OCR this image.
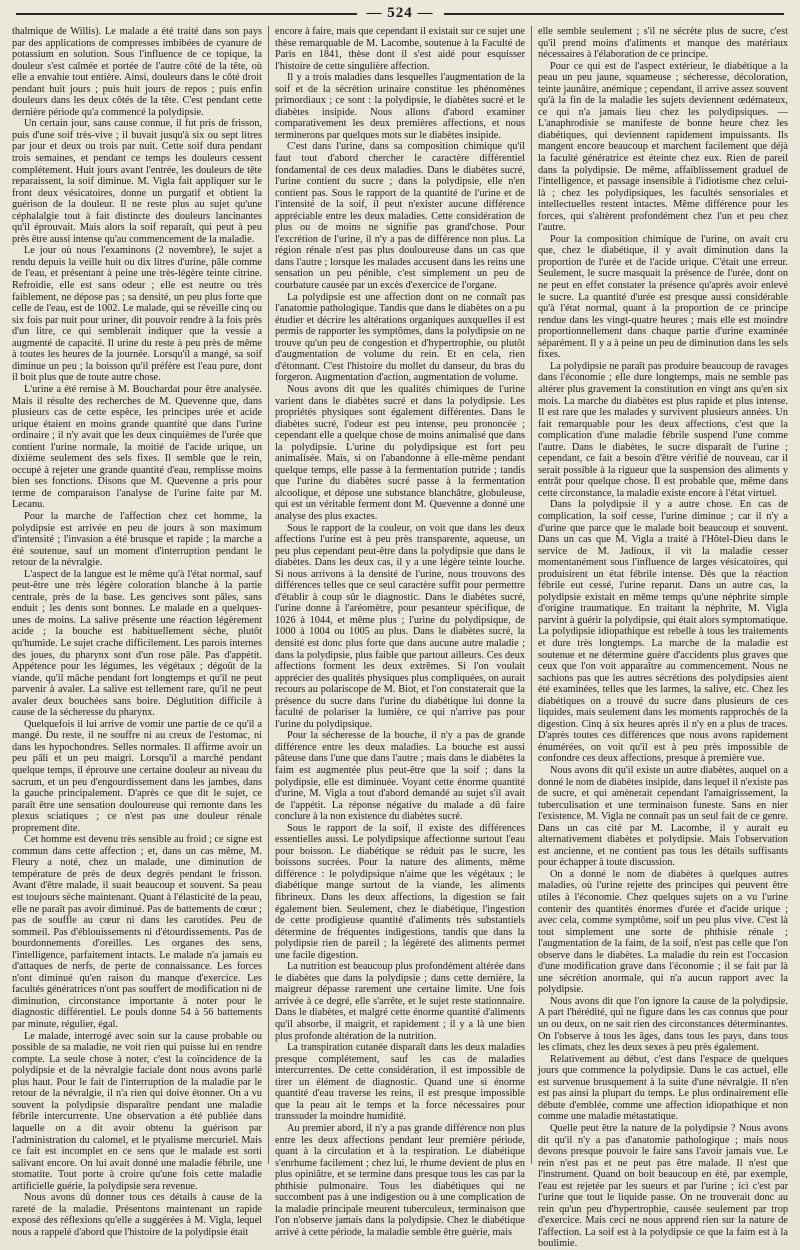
— 524 —

thalmique de Willis). Le malade a été traité dans son pays par des applications de compresses imbibées de cyanure de potassium en solution. Sous l'influence de ce topique, la douleur s'est calmée et portée de l'autre côté de la tête, où elle a envahie tout entière. Ainsi, douleurs dans le côté droit pendant huit jours ; puis huit jours de repos ; puis enfin douleurs dans les deux côtés de la tête. C'est pendant cette dernière période qu'a commencé la polydipsie.

Un certain jour, sans cause connue, il fut pris de frisson, puis d'une soif très-vive ; il buvait jusqu'à six ou sept litres par jour et deux ou trois par nuit. Cette soif dura pendant trois semaines, et pendant ce temps les douleurs cessent complétement. Huit jours avant l'entrée, les douleurs de tête reparaissent, la soif diminue. M. Vigla fait appliquer sur le front deux vésicatoires, donne un purgatif et obtient la guérison de la douleur. Il ne reste plus au sujet qu'une céphalalgie tout à fait distincte des douleurs lancinantes qu'il éprouvait. Mais alors la soif reparaît, qui peut à peu près être aussi intense qu'au commencement de la maladie.

Le jour où nous l'examinons (2 novembre), le sujet a rendu depuis la veille huit ou dix litres d'urine, pâle comme de l'eau, et présentant à peine une très-légère teinte citrine. Refroidie, elle est sans odeur ; elle est neutre ou très faiblement, ne dépose pas ; sa densité, un peu plus forte que celle de l'eau, est de 1002. Le malade, qui se réveille cinq ou six fois par nuit pour uriner, dit pouvoir rendre à la fois près d'un litre, ce qui semblerait indiquer que la vessie a augmenté de capacité. Il urine du reste à peu près de même à toutes les heures de la journée. Lorsqu'il a mangé, sa soif diminue un peu ; la boisson qu'il préfère est l'eau pure, dont il boit plus que de toute autre chose.

L'urine a été remise à M. Bouchardat pour être analysée. Mais il résulte des recherches de M. Quevenne que, dans plusieurs cas de cette espèce, les principes urée et acide urique étaient en moins grande quantité que dans l'urine ordinaire ; il n'y avait que les deux cinquièmes de l'urée que contient l'urine normale, la moitié de l'acide urique, un dixième seulement des sels fixes. Il semble que le rein, occupé à rejeter une grande quantité d'eau, remplisse moins bien ses fonctions. Disons que M. Quevenne a pris pour terme de comparaison l'analyse de l'urine faite par M. Lecanu.

Pour la marche de l'affection chez cet homme, la polydipsie est arrivée en peu de jours à son maximum d'intensité ; l'invasion a été brusque et rapide ; la marche a été soutenue, sauf un moment d'interruption pendant le retour de la névralgie.

L'aspect de la langue est le même qu'à l'état normal, sauf peut-être une très légère coloration blanche à la partie centrale, près de la base. Les gencives sont pâles, sans enduit ; les dents sont bonnes. Le malade en a quelques-unes de moins. La salive présente une réaction légèrement acide ; la bouche est habituellement sèche, plutôt qu'humide. Le sujet crache difficilement. Les parois internes des joues, du pharynx sont d'un rose pâle. Pas d'appétit. Appétence pour les légumes, les végétaux ; dégoût de la viande, qu'il mâche pendant fort longtemps et qu'il ne peut parvenir à avaler. La salive est tellement rare, qu'il ne peut avaler deux bouchées sans boire. Déglutition difficile à cause de la sécheresse du pharynx.

Quelquefois il lui arrive de vomir une partie de ce qu'il a mangé. Du reste, il ne souffre ni au creux de l'estomac, ni dans les hypochondres. Selles normales. Il affirme avoir un peu pâli et un peu maigri. Lorsqu'il a marché pendant quelque temps, il éprouve une certaine douleur au niveau du sacrum, et un peu d'engourdissement dans les jambes, dans la gauche principalement. D'après ce que dit le sujet, ce paraît être une sensation douloureuse qui remonte dans les plexus sciatiques ; ce n'est pas une douleur rénale proprement dite.

Cet homme est devenu très sensible au froid ; ce signe est commun dans cette affection ; et, dans un cas même, M. Fleury a noté, chez un malade, une diminution de température de près de deux degrés pendant le frisson. Avant d'être malade, il suait beaucoup et souvent. Sa peau est toujours sèche maintenant. Quant à l'élasticité de la peau, elle ne paraît pas avoir diminué. Pas de battements de cœur ; pas de souffle au cœur ni dans les carotides. Peu de sommeil. Pas d'éblouissements ni d'étourdissements. Pas de bourdonnements d'oreilles. Les organes des sens, l'intelligence, parfaitement intacts. Le malade n'a jamais eu d'attaques de nerfs, de perte de connaissance. Les forces n'ont diminué qu'en raison du manque d'exercice. Les facultés génératrices n'ont pas souffert de modification ni de diminution, circonstance importante à noter pour le diagnostic différentiel. Le pouls donne 54 à 56 battements par minute, régulier, égal.

Le malade, interrogé avec soin sur la cause probable ou possible de sa maladie, ne voit rien qui puisse lui en rendre compte. La seule chose à noter, c'est la coïncidence de la polydipsie et de la névralgie faciale dont nous avons parlé plus haut. Pour le fait de l'interruption de la maladie par le retour de la névralgie, il n'a rien qui doive étonner. On a vu souvent la polydipsie disparaître pendant une maladie fébrile intercurrente. Une observation a été publiée dans laquelle on a dit avoir obtenu la guérison par l'administration du calomel, et le ptyalisme mercuriel. Mais ce fait est incomplet en ce sens que le malade est sorti salivant encore. On lui avait donné une maladie fébrile, une stomatite. Tout porte à croire qu'une fois cette maladie artificielle guérie, la polydipsie sera revenue.

Nous avons dû donner tous ces détails à cause de la rareté de la maladie. Présentons maintenant un rapide exposé des réflexions qu'elle a suggérées à M. Vigla, lequel nous a rappelé d'abord que l'histoire de la polydipsie était

encore à faire, mais que cependant il existait sur ce sujet une thèse remarquable de M. Lacombe, soutenue à la Faculté de Paris en 1841, thèse dont il s'est aidé pour esquisser l'histoire de cette singulière affection.

Il y a trois maladies dans lesquelles l'augmentation de la soif et de la sécrétion urinaire constitue les phénomènes primordiaux ; ce sont : la polydipsie, le diabètes sucré et le diabètes insipide. Nous allons d'abord examiner comparativement les deux premières affections, et nous terminerons par quelques mots sur le diabètes insipide.

C'est dans l'urine, dans sa composition chimique qu'il faut tout d'abord chercher le caractère différentiel fondamental de ces deux maladies. Dans le diabètes sucré, l'urine contient du sucre ; dans la polydipsie, elle n'en contient pas. Sous le rapport de la quantité de l'urine et de l'intensité de la soif, il peut n'exister aucune différence appréciable entre les deux maladies. Cette considération de plus ou de moins ne signifie pas grand'chose. Pour l'excrétion de l'urine, il n'y a pas de différence non plus. La région rénale n'est pas plus douloureuse dans un cas que dans l'autre ; lorsque les malades accusent dans les reins une sensation un peu pénible, c'est simplement un peu de courbature causée par un excès d'exercice de l'organe.

La polydipsie est une affection dont on ne connaît pas l'anatomie pathologique. Tandis que dans le diabètes on a pu étudier et décrire les altérations organiques auxquelles il est permis de rapporter les symptômes, dans la polydipsie on ne trouve qu'un peu de congestion et d'hypertrophie, ou plutôt d'augmentation de volume du rein. Et en cela, rien d'étonnant. C'est l'histoire du mollet du danseur, du bras du forgeron. Augmentation d'action, augmentation de volume.

Nous avons dit que les qualités chimiques de l'urine varient dans le diabètes sucré et dans la polydipsie. Les propriétés physiques sont également différentes. Dans le diabètes sucré, l'odeur est peu intense, peu prononcée ; cependant elle a quelque chose de moins animalisé que dans la polydipsie. L'urine du polydipsique est fort peu animalisée. Mais, si on l'abandonne à elle-même pendant quelque temps, elle passe à la fermentation putride ; tandis que l'urine du diabètes sucré passe à la fermentation alcoolique, et dépose une substance blanchâtre, globuleuse, qui est un véritable ferment dont M. Quevenne a donné une analyse des plus exactes.

Sous le rapport de la couleur, on voit que dans les deux affections l'urine est à peu près transparente, aqueuse, un peu plus cependant peut-être dans la polydipsie que dans le diabètes. Dans les deux cas, il y a une légère teinte louche. Si nous arrivons à la densité de l'urine, nous trouvons des différences telles que ce seul caractère suffit pour permettre d'établir à coup sûr le diagnostic. Dans le diabètes sucré, l'urine donne à l'aréomètre, pour pesanteur spécifique, de 1026 à 1044, et même plus ; l'urine du polydipsique, de 1000 à 1004 ou 1005 au plus. Dans le diabètes sucré, la densité est donc plus forte que dans aucune autre maladie ; dans la polydipsie, plus faible que partout ailleurs. Ces deux affections forment les deux extrêmes. Si l'on voulait apprécier des qualités physiques plus compliquées, on aurait recours au polariscope de M. Biot, et l'on constaterait que la présence du sucre dans l'urine du diabétique lui donne la faculté de polariser la lumière, ce qui n'arrive pas pour l'urine du polydipsique.

Pour la sécheresse de la bouche, il n'y a pas de grande différence entre les deux maladies. La bouche est aussi pâteuse dans l'une que dans l'autre ; mais dans le diabètes la faim est augmentée plus peut-être que la soif ; dans la polydipsie, elle est diminuée. Voyant cette énorme quantité d'urine, M. Vigla a tout d'abord demandé au sujet s'il avait de l'appétit. La réponse négative du malade a dû faire conclure à la non existence du diabètes sucré.

Sous le rapport de la soif, il existe des différences essentielles aussi. Le polydipsique affectionne surtout l'eau pour boisson. Le diabétique se réduit pas le sucre, les boissons sucrées. Pour la nature des aliments, même différence : le polydipsique n'aime que les végétaux ; le diabétique mange surtout de la viande, les aliments fibrineux. Dans les deux affections, la digestion se fait également bien. Seulement, chez le diabétique, l'ingestion de cette prodigieuse quantité d'aliments très substantiels détermine de fréquentes indigestions, tandis que dans la polydipsie rien de pareil ; la légèreté des aliments permet une facile digestion.

La nutrition est beaucoup plus profondément altérée dans le diabètes que dans la polydipsie ; dans cette dernière, la maigreur dépasse rarement une certaine limite. Une fois arrivée à ce degré, elle s'arrête, et le sujet reste stationnaire. Dans le diabètes, et malgré cette énorme quantité d'aliments qu'il absorbe, il maigrit, et rapidement ; il y a là une bien plus profonde altération de la nutrition.

La transpiration cutanée disparaît dans les deux maladies presque complétement, sauf les cas de maladies intercurrentes. De cette considération, il est impossible de tirer un élément de diagnostic. Quand une si énorme quantité d'eau traverse les reins, il est presque impossible que la peau ait le temps et la force nécessaires pour transsuder la moindre humidité.

Au premier abord, il n'y a pas grande différence non plus entre les deux affections pendant leur première période, quant à la circulation et à la respiration. Le diabétique s'enrhume facilement ; chez lui, le rhume devient de plus en plus opiniâtre, et se termine dans presque tous les cas par la phthisie pulmonaire. Tous les diabétiques qui ne succombent pas à une indigestion ou à une complication de la maladie principale meurent tuberculeux, terminaison que l'on n'observe jamais dans la polydipsie. Chez le diabétique arrivé à cette période, la maladie semble être guérie, mais

elle semble seulement ; s'il ne sécrète plus de sucre, c'est qu'il prend moins d'aliments et manque des matériaux nécessaires à l'élaboration de ce principe.

Pour ce qui est de l'aspect extérieur, le diabétique a la peau un peu jaune, squameuse ; sécheresse, décoloration, teinte jaunâtre, anémique ; cependant, il arrive assez souvent qu'à la fin de la maladie les sujets deviennent œdémateux, ce qui n'a jamais lieu chez les polydipsiques. — L'anaphrodisie se manifeste de bonne heure chez les diabétiques, qui deviennent rapidement impuissants. Ils mangent encore beaucoup et marchent facilement que déjà la faculté génératrice est éteinte chez eux. Rien de pareil dans la polydipsie. De même, affaiblissement graduel de l'intelligence, et passage insensible à l'idiotisme chez celui-là ; chez les polydipsiques, les facultés sensoriales et intellectuelles restent intactes. Même différence pour les forces, qui s'altèrent profondément chez l'un et peu chez l'autre.

Pour la composition chimique de l'urine, on avait cru que, chez le diabétique, il y avait diminution dans la proportion de l'urée et de l'acide urique. C'était une erreur. Seulement, le sucre masquait la présence de l'urée, dont on ne peut en effet constater la présence qu'après avoir enlevé le sucre. La quantité d'urée est presque aussi considérable qu'à l'état normal, quant à la proportion de ce principe rendue dans les vingt-quatre heures ; mais elle est moindre proportionnellement dans chaque partie d'urine examinée séparément. Il y a à peine un peu de diminution dans les sels fixes.

La polydipsie ne paraît pas produire beaucoup de ravages dans l'économie ; elle dure longtemps, mais ne semble pas altérer plus gravement la constitution en vingt ans qu'en six mois. La marche du diabètes est plus rapide et plus intense. Il est rare que les malades y survivent plusieurs années. Un fait remarquable pour les deux affections, c'est que la complication d'une maladie fébrile suspend l'une comme l'autre. Dans le diabètes, le sucre disparaît de l'urine ; cependant, ce fait a besoin d'être vérifié de nouveau, car il serait possible à la rigueur que la suspension des aliments y entrât pour quelque chose. Il est probable que, même dans cette circonstance, la maladie existe encore à l'état virtuel.

Dans la polydipsie il y a autre chose. En cas de complication, la soif cesse, l'urine diminue ; car il n'y a d'urine que parce que le malade boit beaucoup et souvent. Dans un cas que M. Vigla a traité à l'Hôtel-Dieu dans le service de M. Jadioux, il vit la maladie cesser momentanément sous l'influence de larges vésicatoires, qui produisirent un état fébrile intense. Dès que la réaction fébrile eut cessé, l'urine reparut. Dans un autre cas, la polydipsie existait en même temps qu'une néphrite simple d'origine traumatique. En traitant la néphrite, M. Vigla parvint à guérir la polydipsie, qui était alors symptomatique. La polydipsie idiopathique est rebelle à tous les traitements et dure très longtemps. La marche de la maladie est soutenue et ne détermine guère d'accidents plus graves que ceux que l'on voit apparaître au commencement. Nous ne sachions pas que les autres sécrétions des polydipsies aient été examinées, telles que les larmes, la salive, etc. Chez les diabétiques on a trouvé du sucre dans plusieurs de ces liquides, mais seulement dans les moments rapprochés de la digestion. Cinq à six heures après il n'y en a plus de traces. D'après toutes ces différences que nous avons rapidement énumérées, on voit qu'il est à peu près impossible de confondre ces deux affections, presque à première vue.

Nous avons dit qu'il existe un autre diabètes, auquel on a donné le nom de diabètes insipide, dans lequel il n'existe pas de sucre, et qui amènerait cependant l'amaigrissement, la tuberculisation et une terminaison funeste. Sans en nier l'existence, M. Vigla ne connaît pas un seul fait de ce genre. Dans un cas cité par M. Lacombe, il y aurait eu alternativement diabètes et polydipsie. Mais l'observation est ancienne, et ne contient pas tous les détails suffisants pour échapper à toute discussion.

On a donné le nom de diabètes à quelques autres maladies, où l'urine rejette des principes qui peuvent être utiles à l'économie. Chez quelques sujets on a vu l'urine contenir des quantités énormes d'urée et d'acide urique ; avec cela, comme symptôme, soif un peu plus vive. C'est là tout simplement une sorte de phthisie rénale ; l'augmentation de la faim, de la soif, n'est pas celle que l'on observe dans le diabètes. La maladie du rein est l'occasion d'une modification grave dans l'économie ; il se fait par là une sécrétion anormale, qui n'a aucun rapport avec la polydipsie.

Nous avons dit que l'on ignore la cause de la polydipsie. A part l'hérédité, qui ne figure dans les cas connus que pour un ou deux, on ne sait rien des circonstances déterminantes. On l'observe à tous les âges, dans tous les pays, dans tous les climats, chez les deux sexes à peu près également.

Relativement au début, c'est dans l'espace de quelques jours que commence la polydipsie. Dans le cas actuel, elle est survenue brusquement à la suite d'une névralgie. Il n'en est pas ainsi la plupart du temps. Le plus ordinairement elle débute d'emblée, comme une affection idiopathique et non comme une maladie métastatique.

Quelle peut être la nature de la polydipsie ? Nous avons dit qu'il n'y a pas d'anatomie pathologique ; mais nous devons presque pouvoir le faire sans l'avoir jamais vue. Le rein n'est pas et ne peut pas être malade. Il n'est que l'instrument. Quand on boit beaucoup en été, par exemple, l'eau est rejetée par les sueurs et par l'urine ; ici c'est par l'urine que tout le liquide passe. On ne trouverait donc au rein qu'un peu d'hypertrophie, causée seulement par trop d'exercice. Mais ceci ne nous apprend rien sur la nature de l'affection. La soif est à la polydipsie ce que la faim est à la boulimie.
